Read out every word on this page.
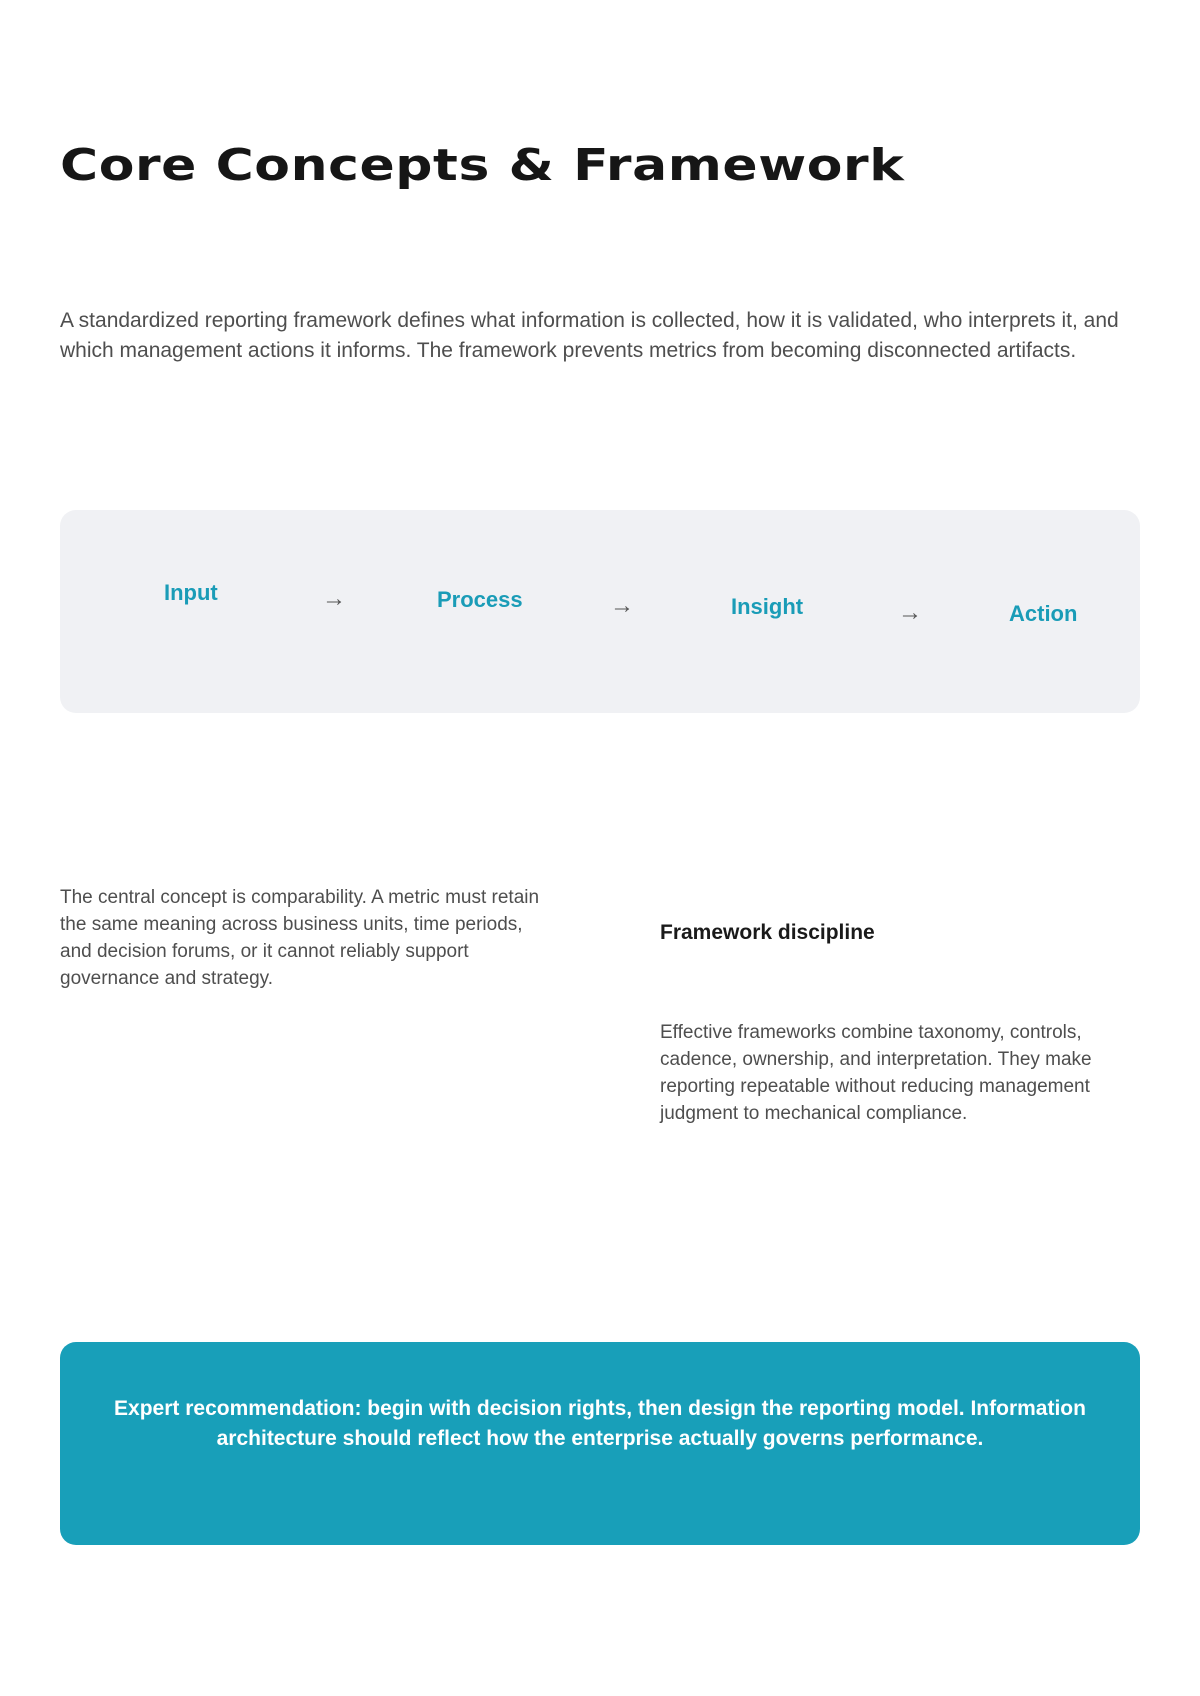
Core Concepts & Framework

A standardized reporting framework defines what information is collected, how it is validated, who interprets it, and which management actions it informs. The framework prevents metrics from becoming disconnected artifacts.

Input	→	Process	→	Insight	→	Action

The central concept is comparability. A metric must retain the same meaning across business units, time periods, and decision forums, or it cannot reliably support governance and strategy.

Framework discipline

Effective frameworks combine taxonomy, controls, cadence, ownership, and interpretation. They make reporting repeatable without reducing management judgment to mechanical compliance.

Expert recommendation: begin with decision rights, then design the reporting model. Information architecture should reflect how the enterprise actually governs performance.
